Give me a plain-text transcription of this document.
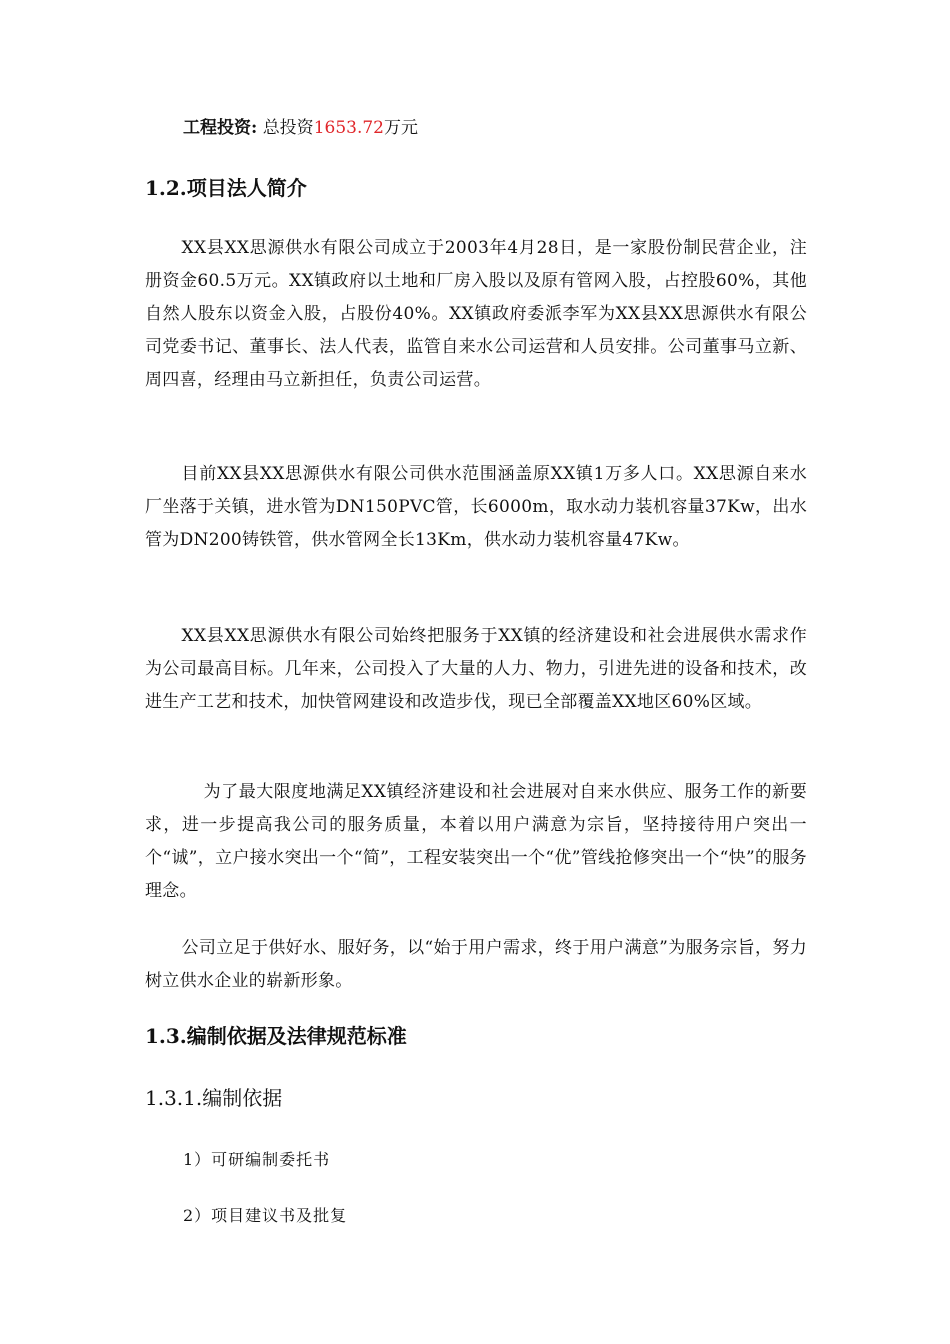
工程投资: 总投资1653.72万元
1.2.项目法人简介

XX县XX思源供水有限公司成立于2003年4月28日，是一家股份制民营企业，注册资金60.5万元。XX镇政府以土地和厂房入股以及原有管网入股，占控股60%，其他自然人股东以资金入股，占股份40%。XX镇政府委派李军为XX县XX思源供水有限公司党委书记、董事长、法人代表，监管自来水公司运营和人员安排。公司董事马立新、周四喜，经理由马立新担任，负责公司运营。

目前XX县XX思源供水有限公司供水范围涵盖原XX镇1万多人口。XX思源自来水厂坐落于关镇，进水管为DN150PVC管，长6000m，取水动力装机容量37Kw，出水管为DN200铸铁管，供水管网全长13Km，供水动力装机容量47Kw。

XX县XX思源供水有限公司始终把服务于XX镇的经济建设和社会进展供水需求作为公司最高目标。几年来，公司投入了大量的人力、物力，引进先进的设备和技术，改进生产工艺和技术，加快管网建设和改造步伐，现已全部覆盖XX地区60%区域。

为了最大限度地满足XX镇经济建设和社会进展对自来水供应、服务工作的新要求，进一步提高我公司的服务质量，本着以用户满意为宗旨，坚持接待用户突出一个“诚”，立户接水突出一个“简”，工程安装突出一个“优”管线抢修突出一个“快”的服务理念。

公司立足于供好水、服好务，以“始于用户需求，终于用户满意”为服务宗旨，努力树立供水企业的崭新形象。

1.3.编制依据及法律规范标准
1.3.1.编制依据
1）可研编制委托书
2）项目建议书及批复
